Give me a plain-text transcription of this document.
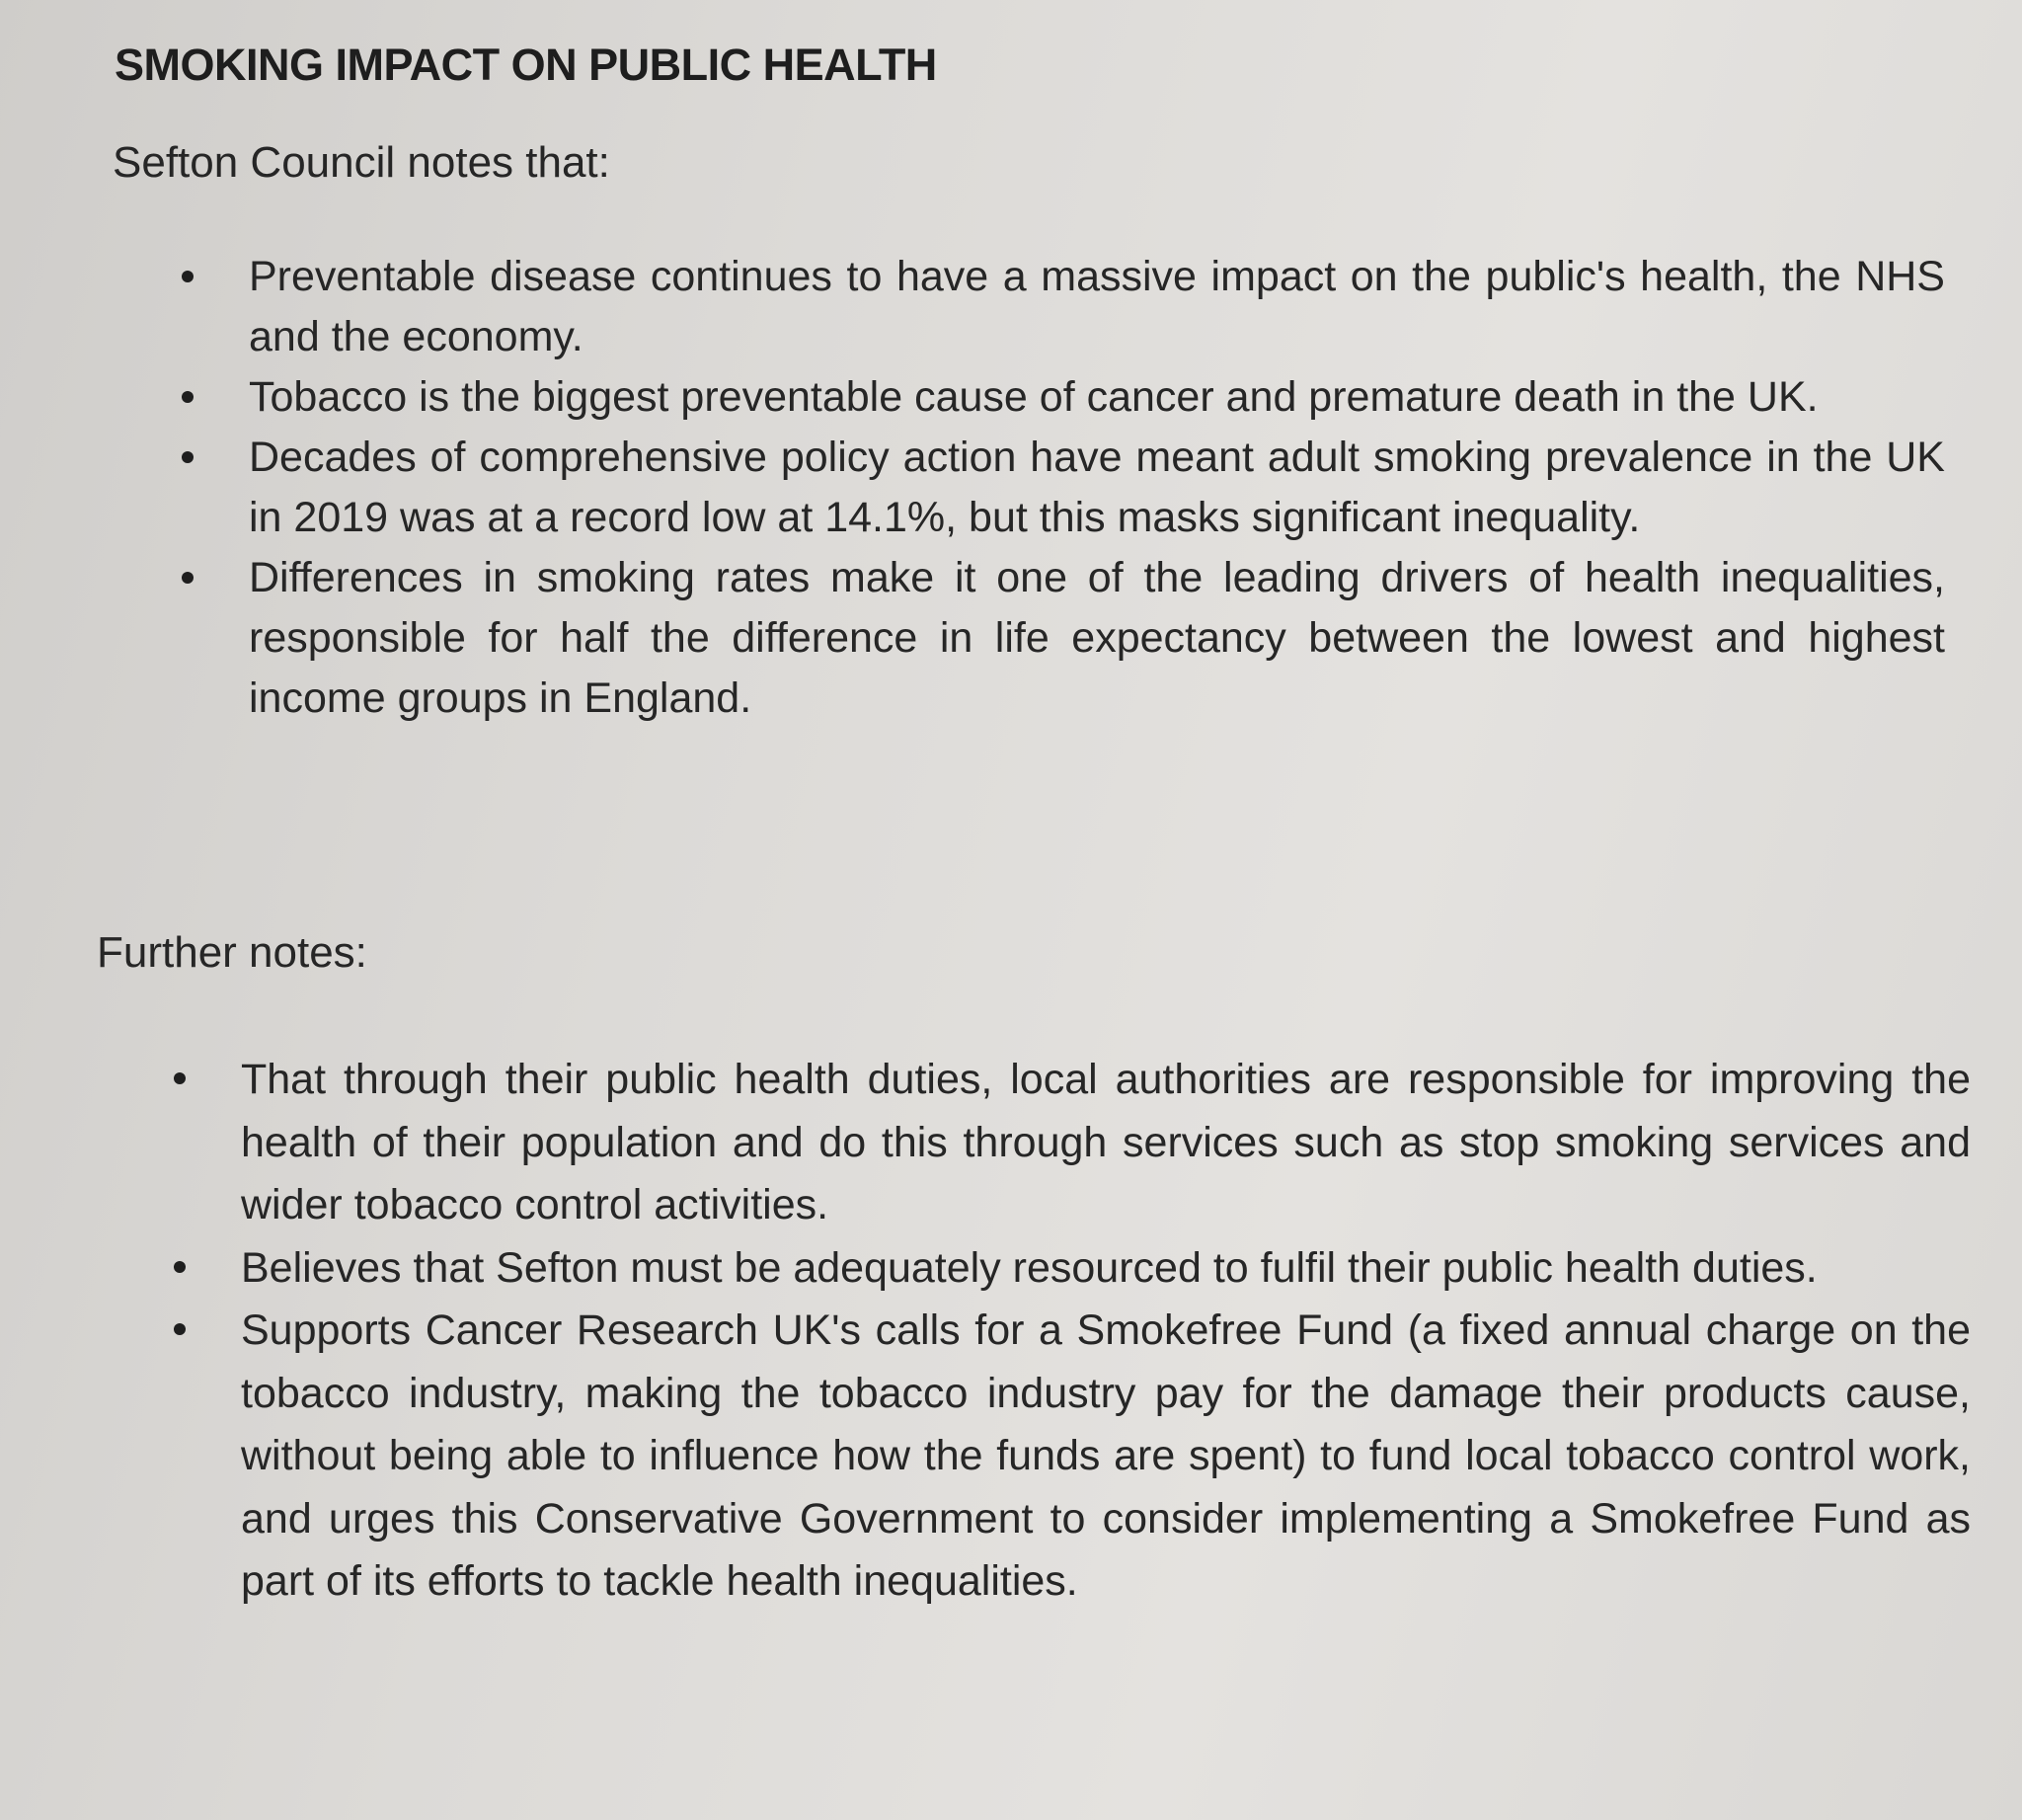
SMOKING IMPACT ON PUBLIC HEALTH
Sefton Council notes that:
Preventable disease continues to have a massive impact on the public's health, the NHS and the economy.
Tobacco is the biggest preventable cause of cancer and premature death in the UK.
Decades of comprehensive policy action have meant adult smoking prevalence in the UK in 2019 was at a record low at 14.1%, but this masks significant inequality.
Differences in smoking rates make it one of the leading drivers of health inequalities, responsible for half the difference in life expectancy between the lowest and highest income groups in England.
Further notes:
That through their public health duties, local authorities are responsible for improving the health of their population and do this through services such as stop smoking services and wider tobacco control activities.
Believes that Sefton must be adequately resourced to fulfil their public health duties.
Supports Cancer Research UK's calls for a Smokefree Fund (a fixed annual charge on the tobacco industry, making the tobacco industry pay for the damage their products cause, without being able to influence how the funds are spent) to fund local tobacco control work, and urges this Conservative Government to consider implementing a Smokefree Fund as part of its efforts to tackle health inequalities.
